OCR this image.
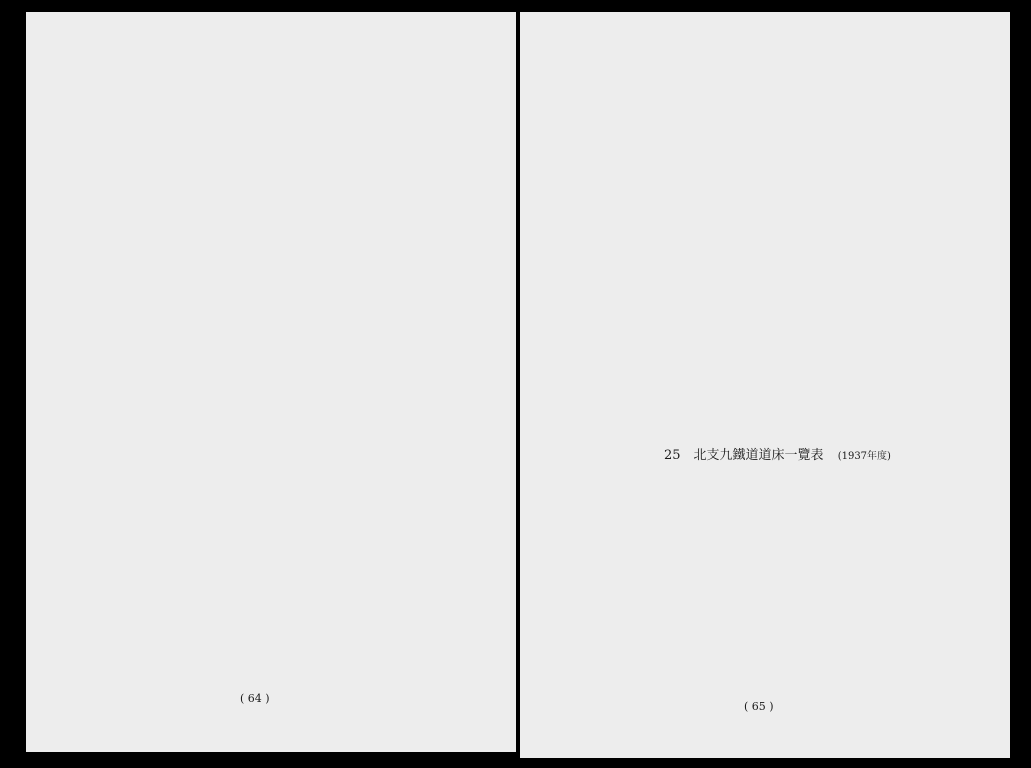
( 64 )
25　北支九鐵道道床一覽表 (1937年度)
( 65 )
